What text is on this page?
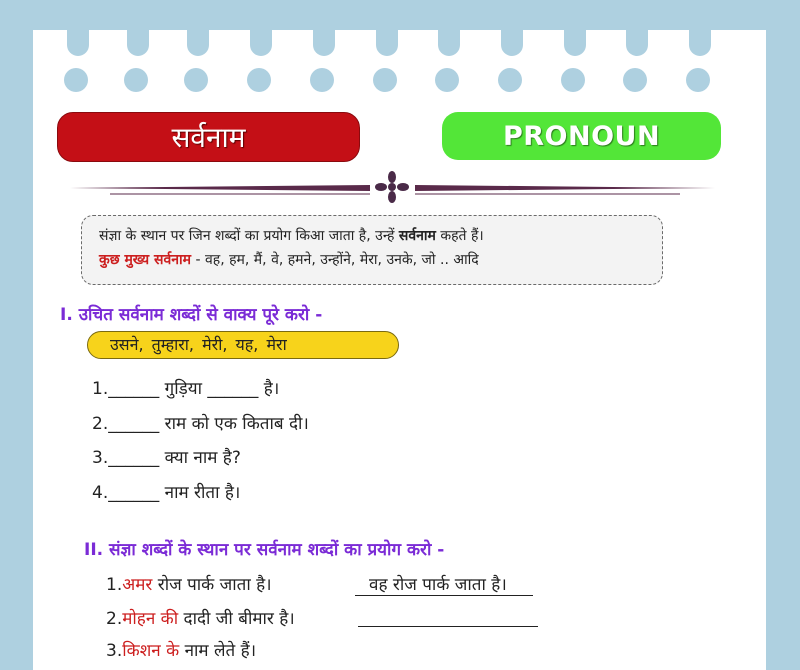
सर्वनाम	PRONOUN
संज्ञा के स्थान पर जिन शब्दों का प्रयोग किआ जाता है, उन्हें सर्वनाम कहते हैं।
कुछ मुख्य सर्वनाम - वह, हम, मैं, वे, हमने, उन्होंने, मेरा, उनके, जो .. आदि
I. उचित सर्वनाम शब्दों से वाक्य पूरे करो -
उसने, तुम्हारा, मेरी, यह, मेरा
1.______ गुड़िया ______ है।
2.______ राम को एक किताब दी।
3.______ क्या नाम है?
4.______ नाम रीता है।
II. संज्ञा शब्दों के स्थान पर सर्वनाम शब्दों का प्रयोग करो -
1.अमर रोज पार्क जाता है।	वह रोज पार्क जाता है।
2.मोहन की दादी जी बीमार है।
3.किशन के नाम लेते हैं।
